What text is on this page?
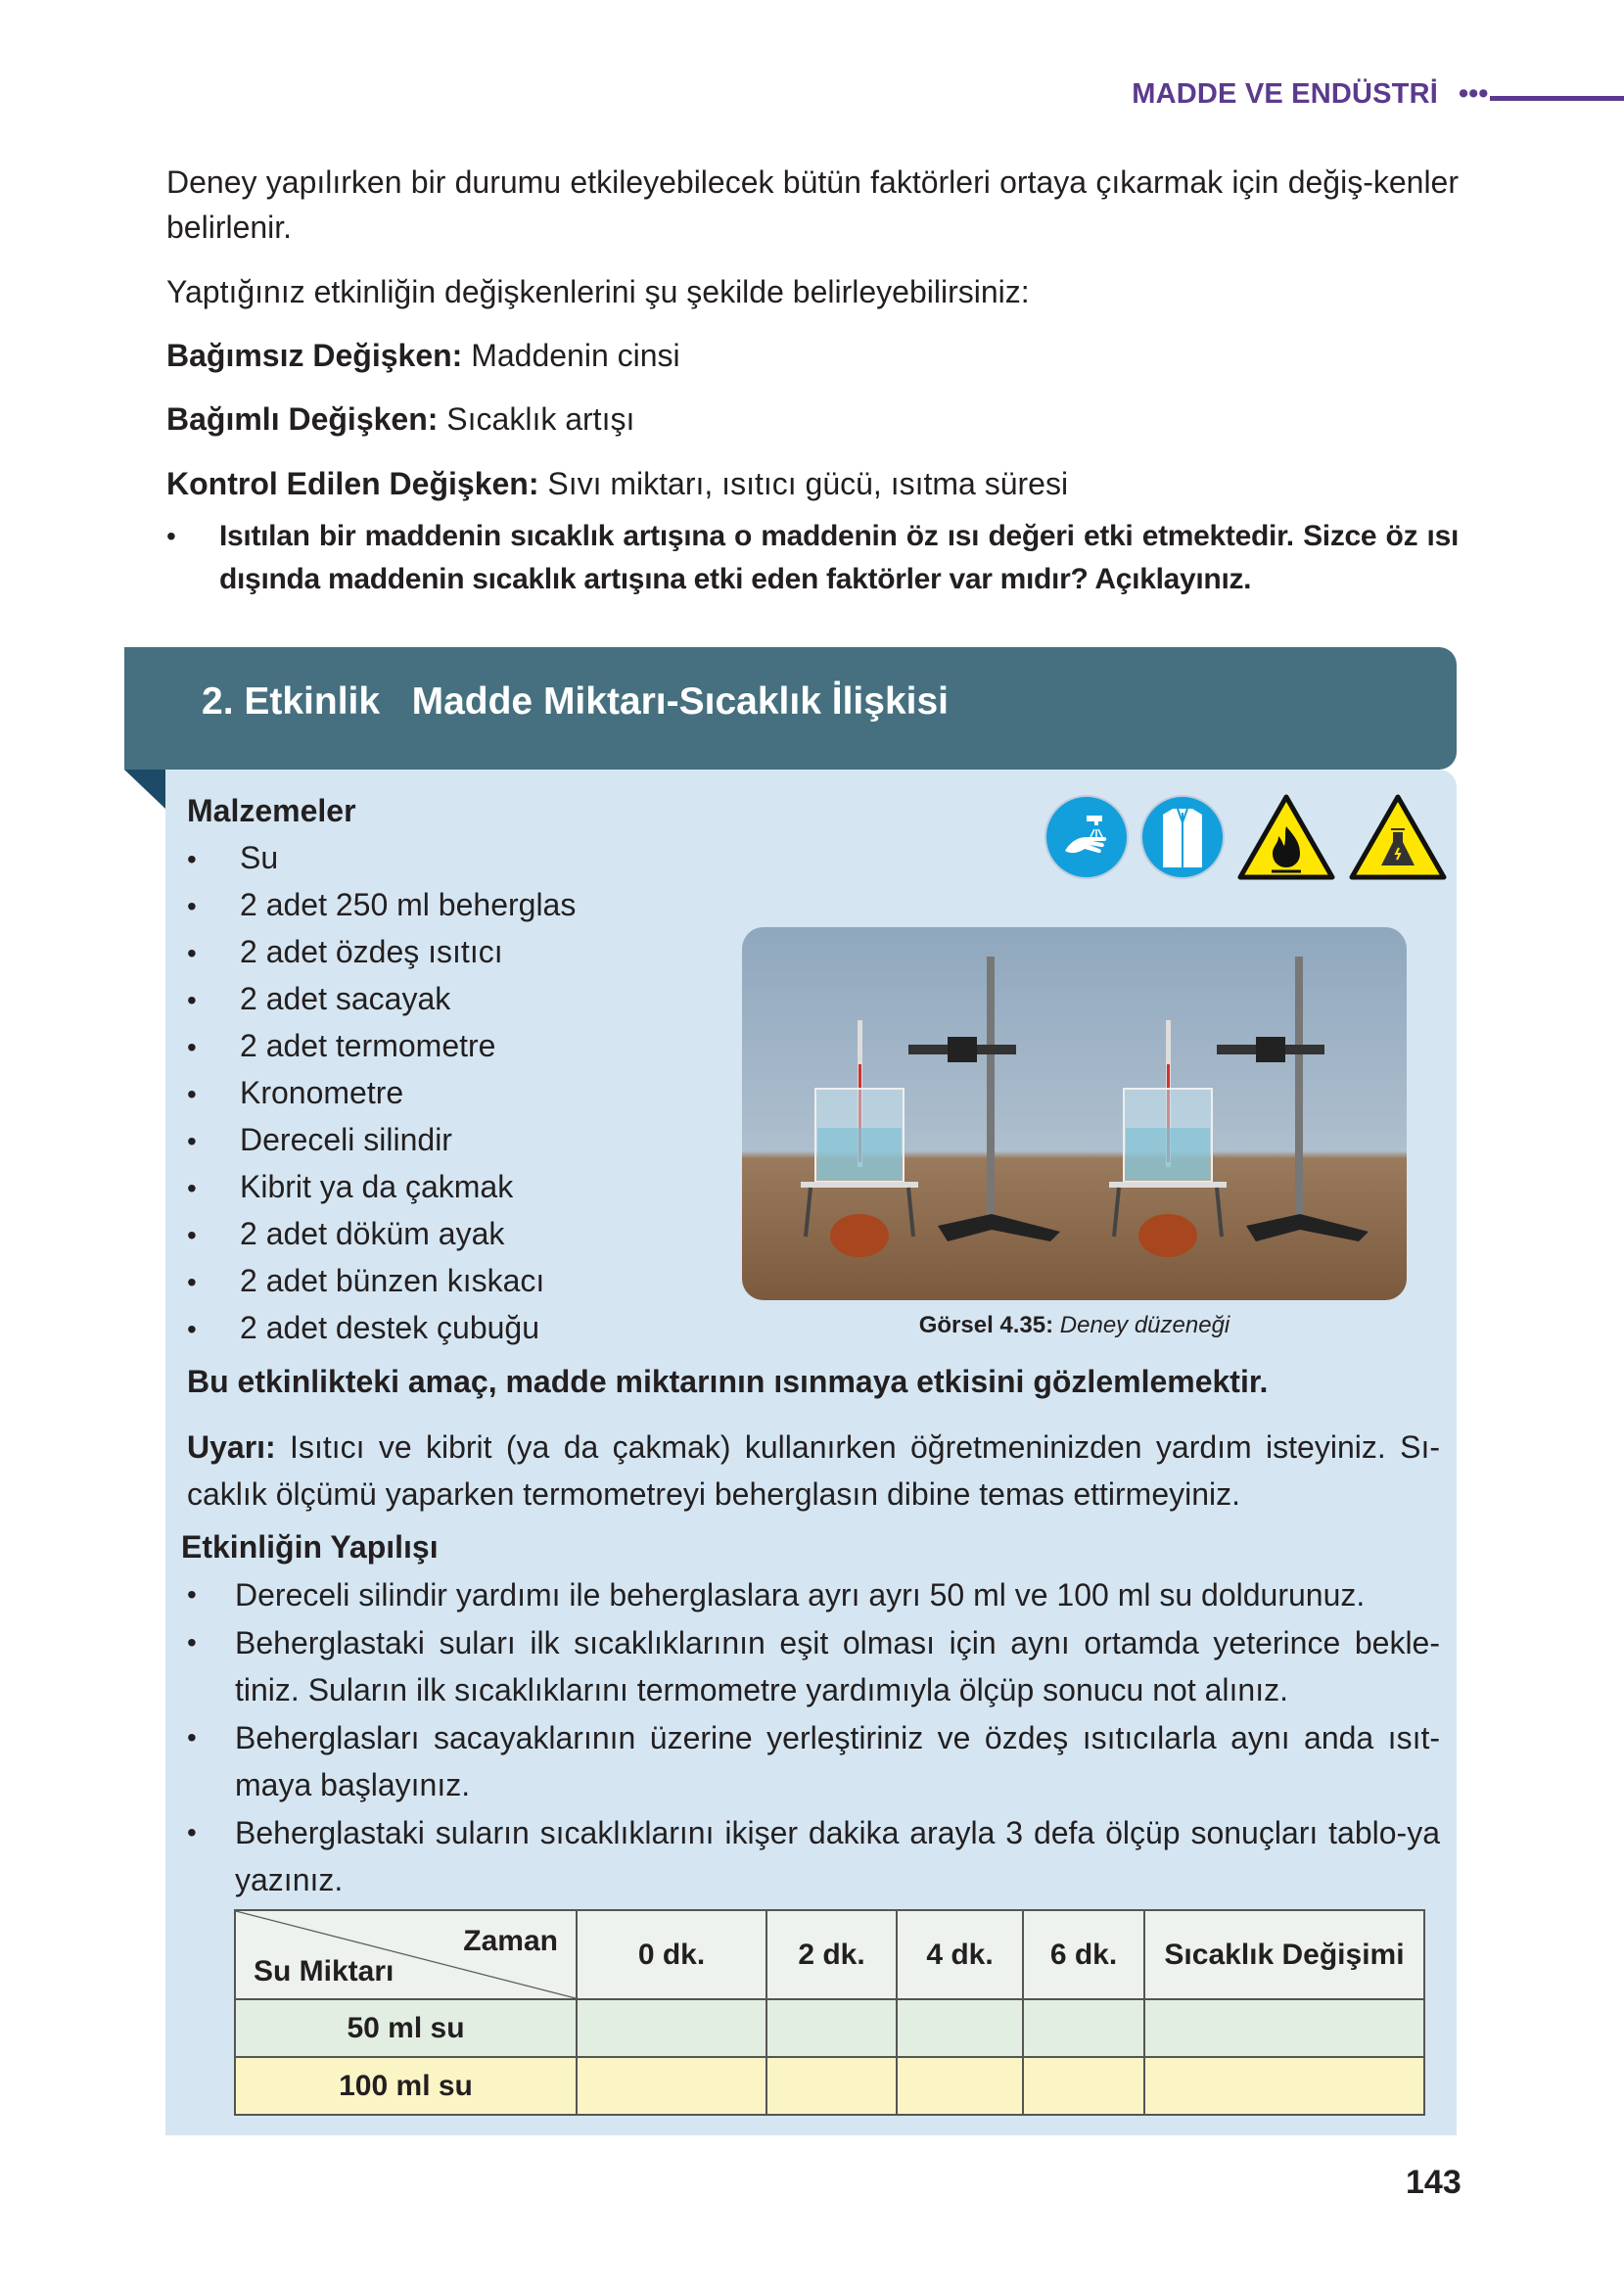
MADDE VE ENDÜSTRİ •••
Deney yapılırken bir durumu etkileyebilecek bütün faktörleri ortaya çıkarmak için değiş-kenler belirlenir.
Yaptığınız etkinliğin değişkenlerini şu şekilde belirleyebilirsiniz:
Bağımsız Değişken: Maddenin cinsi
Bağımlı Değişken: Sıcaklık artışı
Kontrol Edilen Değişken: Sıvı miktarı, ısıtıcı gücü, ısıtma süresi
• Isıtılan bir maddenin sıcaklık artışına o maddenin öz ısı değeri etki etmektedir. Sizce öz ısı dışında maddenin sıcaklık artışına etki eden faktörler var mıdır? Açıklayınız.
2. Etkinlik Madde Miktarı-Sıcaklık İlişkisi
Malzemeler
• Su
• 2 adet 250 ml beherglas
• 2 adet özdeş ısıtıcı
• 2 adet sacayak
• 2 adet termometre
• Kronometre
• Dereceli silindir
• Kibrit ya da çakmak
• 2 adet döküm ayak
• 2 adet bünzen kıskacı
• 2 adet destek çubuğu	Görsel 4.35: Deney düzeneği
Bu etkinlikteki amaç, madde miktarının ısınmaya etkisini gözlemlemektir.
Uyarı: Isıtıcı ve kibrit (ya da çakmak) kullanırken öğretmeninizden yardım isteyiniz. Sı-caklık ölçümü yaparken termometreyi beherglasın dibine temas ettirmeyiniz.
Etkinliğin Yapılışı
• Dereceli silindir yardımı ile beherglaslara ayrı ayrı 50 ml ve 100 ml su doldurunuz.
• Beherglastaki suları ilk sıcaklıklarının eşit olması için aynı ortamda yeterince bekle-tiniz. Suların ilk sıcaklıklarını termometre yardımıyla ölçüp sonucu not alınız.
• Beherglasları sacayaklarının üzerine yerleştiriniz ve özdeş ısıtıcılarla aynı anda ısıt-maya başlayınız.
• Beherglastaki suların sıcaklıklarını ikişer dakika arayla 3 defa ölçüp sonuçları tablo-ya yazınız.
Zaman
Su Miktarı	0 dk.	2 dk.	4 dk.	6 dk.	Sıcaklık Değişimi
50 ml su					
100 ml su					
143
